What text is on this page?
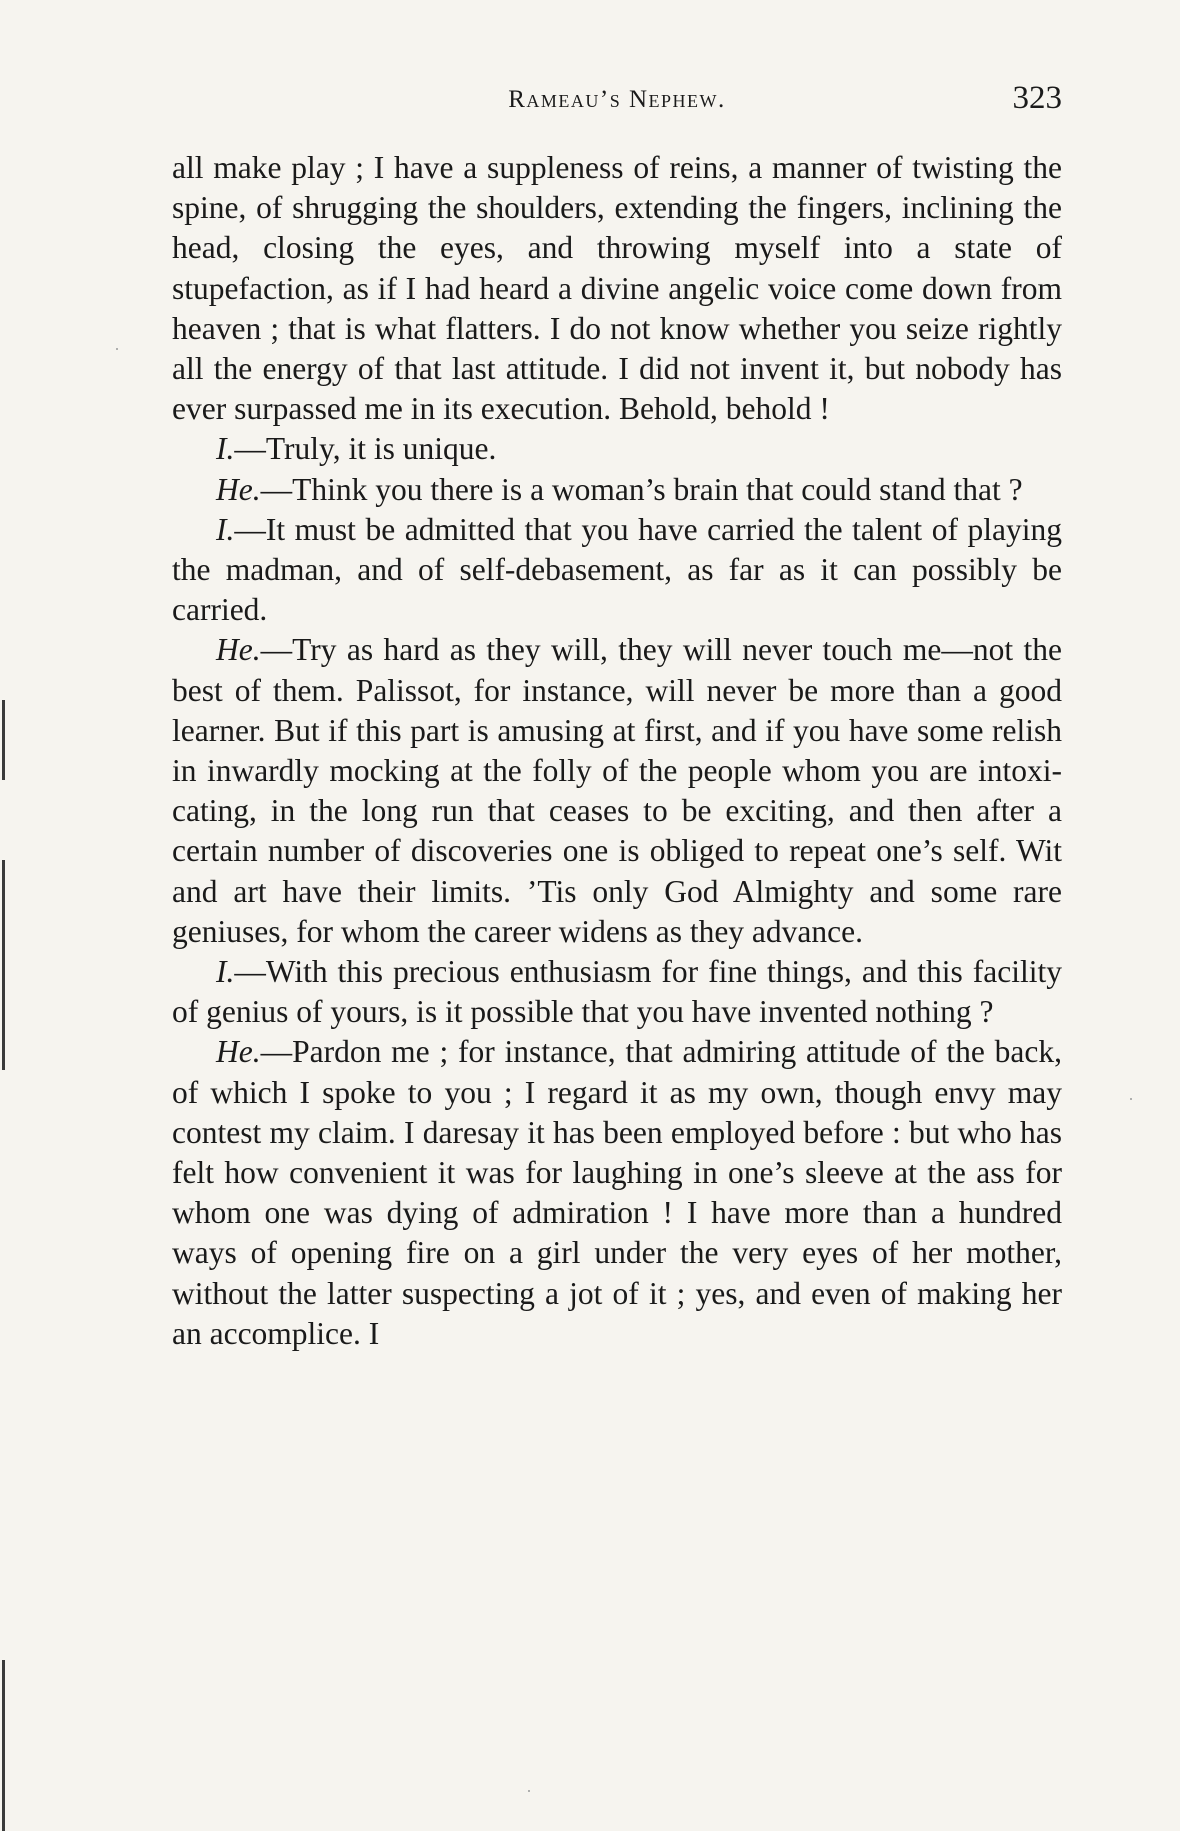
Rameau’s Nephew.	323

all make play ; I have a suppleness of reins, a manner of twisting the spine, of shrugging the shoulders, extending the fingers, inclining the head, closing the eyes, and throwing myself into a state of stupefaction, as if I had heard a divine angelic voice come down from heaven ; that is what flatters. I do not know whether you seize rightly all the energy of that last attitude. I did not invent it, but nobody has ever surpassed me in its execution. Behold, behold !

I.—Truly, it is unique.

He.—Think you there is a woman’s brain that could stand that ?

I.—It must be admitted that you have carried the talent of playing the madman, and of self-debasement, as far as it can possibly be carried.

He.—Try as hard as they will, they will never touch me—not the best of them. Palissot, for instance, will never be more than a good learner. But if this part is amusing at first, and if you have some relish in inwardly mocking at the folly of the people whom you are intoxicating, in the long run that ceases to be exciting, and then after a certain number of discoveries one is obliged to repeat one’s self. Wit and art have their limits. ’Tis only God Almighty and some rare geniuses, for whom the career widens as they advance.

I.—With this precious enthusiasm for fine things, and this facility of genius of yours, is it possible that you have invented nothing ?

He.—Pardon me ; for instance, that admiring attitude of the back, of which I spoke to you ; I regard it as my own, though envy may contest my claim. I daresay it has been employed before : but who has felt how convenient it was for laughing in one’s sleeve at the ass for whom one was dying of admiration ! I have more than a hundred ways of opening fire on a girl under the very eyes of her mother, without the latter suspecting a jot of it ; yes, and even of making her an accomplice. I
